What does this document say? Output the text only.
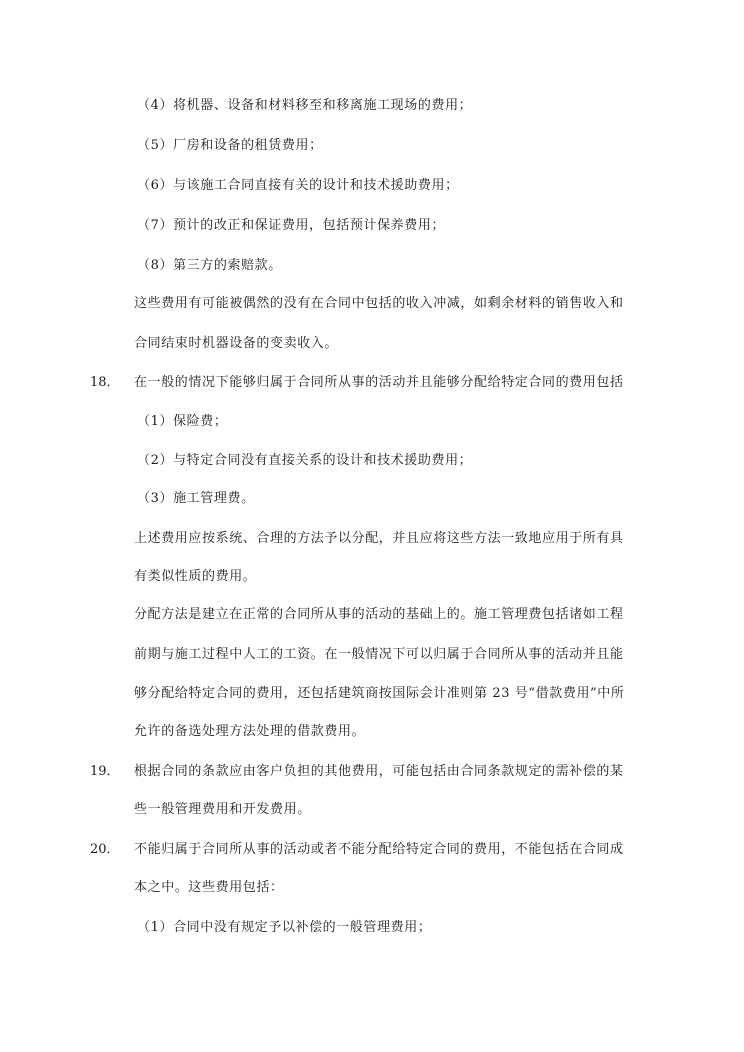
（4）将机器、设备和材料移至和移离施工现场的费用；
（5）厂房和设备的租赁费用；
（6）与该施工合同直接有关的设计和技术援助费用；
（7）预计的改正和保证费用，包括预计保养费用；
（8）第三方的索赔款。
这些费用有可能被偶然的没有在合同中包括的收入冲减，如剩余材料的销售收入和
合同结束时机器设备的变卖收入。
18． 在一般的情况下能够归属于合同所从事的活动并且能够分配给特定合同的费用包括
（1）保险费；
（2）与特定合同没有直接关系的设计和技术援助费用；
（3）施工管理费。
上述费用应按系统、合理的方法予以分配，并且应将这些方法一致地应用于所有具
有类似性质的费用。
分配方法是建立在正常的合同所从事的活动的基础上的。施工管理费包括诸如工程
前期与施工过程中人工的工资。在一般情况下可以归属于合同所从事的活动并且能
够分配给特定合同的费用，还包括建筑商按国际会计准则第 23 号“借款费用”中所
允许的备选处理方法处理的借款费用。
19． 根据合同的条款应由客户负担的其他费用，可能包括由合同条款规定的需补偿的某
些一般管理费用和开发费用。
20． 不能归属于合同所从事的活动或者不能分配给特定合同的费用，不能包括在合同成
本之中。这些费用包括：
（1）合同中没有规定予以补偿的一般管理费用；
